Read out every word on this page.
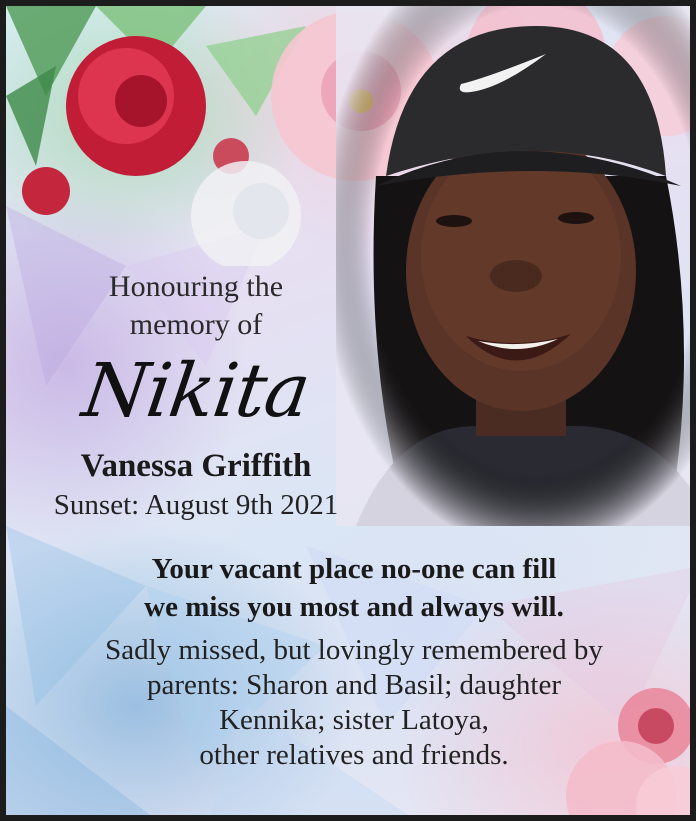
Honouring the
memory of
Nikita
Vanessa Griffith
Sunset: August 9th 2021
Your vacant place no-one can fill
we miss you most and always will.
Sadly missed, but lovingly remembered by
parents: Sharon and Basil; daughter
Kennika; sister Latoya,
other relatives and friends.
